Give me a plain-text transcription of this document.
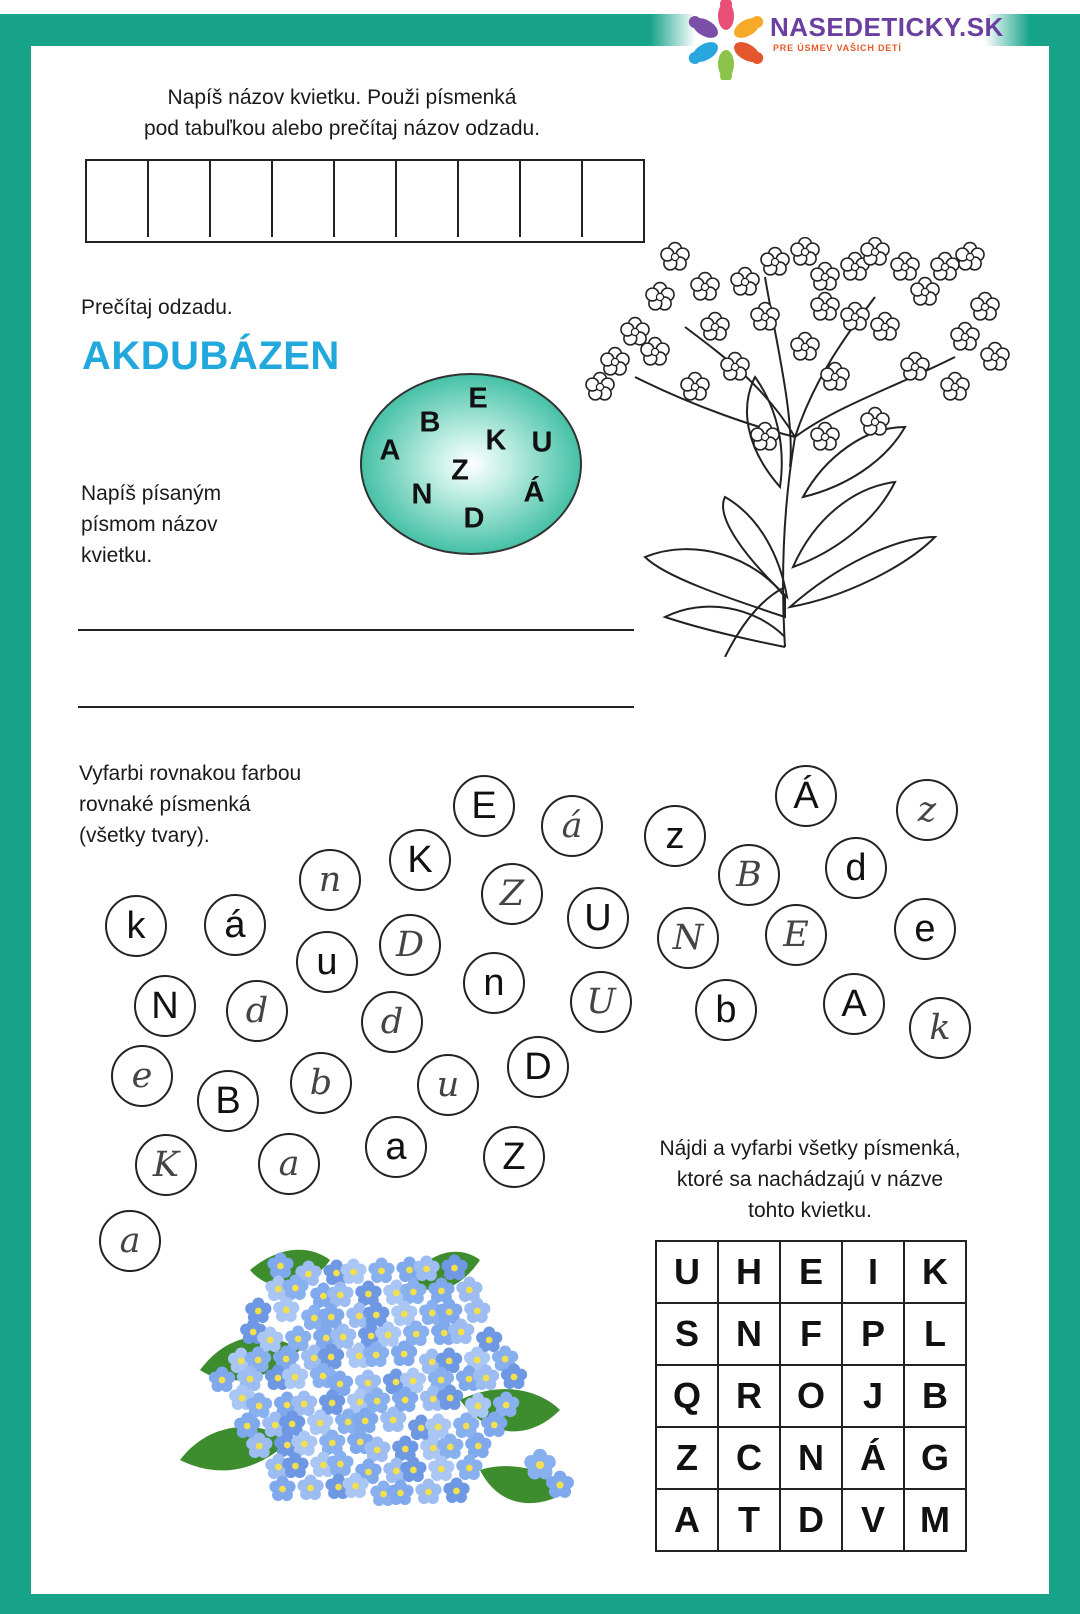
NASEDETICKY.SK
PRE ÚSMEV VAŠICH DETÍ
Napíš názov kvietku. Použi písmenká
pod tabuľkou alebo prečítaj názov odzadu.
Prečítaj odzadu.
AKDUBÁZEN
E
B
A	K U
Z
N	Á
D
Napíš písaným
písmom názov
kvietku.
Vyfarbi rovnakou farbou
rovnaké písmenká
(všetky tvary).
E á z
Á	z
n K
Z	B d
k á
u D
U N E	e
n U
N d	d	b	A
k
e
B b	u D
K	a a	Z
a
Nájdi a vyfarbi všetky písmenká,
ktoré sa nachádzajú v názve
tohto kvietku.
U	H	E	I	K
S	N	F	P	L
Q	R	O	J	B
Z	C	N	Á	G
A	T	D	V	M
